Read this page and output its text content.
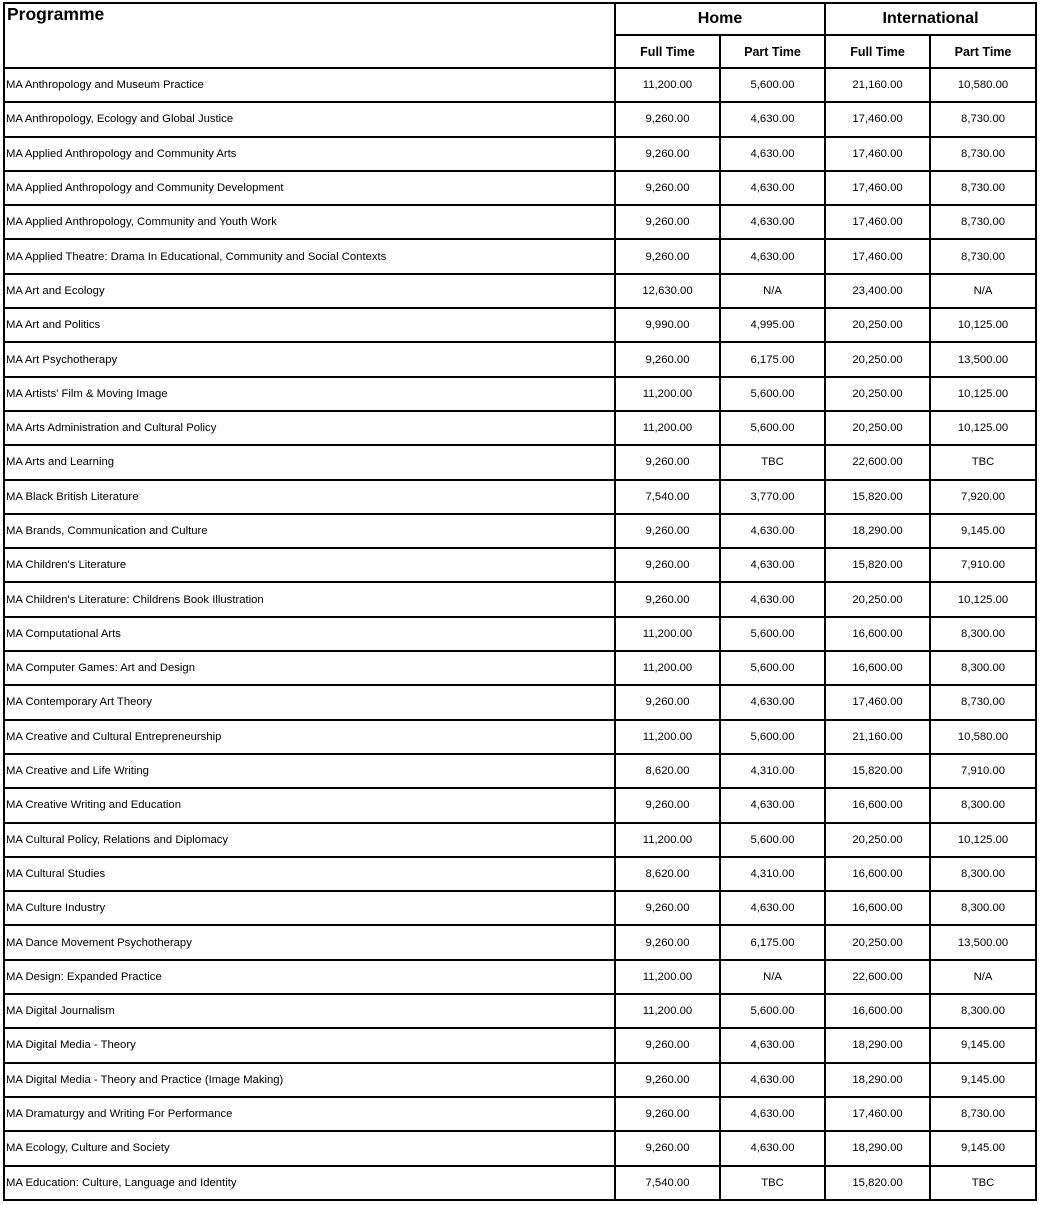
Programme	Home		International	
	Full Time	Part Time	Full Time	Part Time
MA Anthropology and Museum Practice	11,200.00	5,600.00	21,160.00	10,580.00
MA Anthropology, Ecology and Global Justice	9,260.00	4,630.00	17,460.00	8,730.00
MA Applied Anthropology and Community Arts	9,260.00	4,630.00	17,460.00	8,730.00
MA Applied Anthropology and Community Development	9,260.00	4,630.00	17,460.00	8,730.00
MA Applied Anthropology, Community and Youth Work	9,260.00	4,630.00	17,460.00	8,730.00
MA Applied Theatre: Drama In Educational, Community and Social Contexts	9,260.00	4,630.00	17,460.00	8,730.00
MA Art and Ecology	12,630.00	N/A	23,400.00	N/A
MA Art and Politics	9,990.00	4,995.00	20,250.00	10,125.00
MA Art Psychotherapy	9,260.00	6,175.00	20,250.00	13,500.00
MA Artists' Film & Moving Image	11,200.00	5,600.00	20,250.00	10,125.00
MA Arts Administration and Cultural Policy	11,200.00	5,600.00	20,250.00	10,125.00
MA Arts and Learning	9,260.00	TBC	22,600.00	TBC
MA Black British Literature	7,540.00	3,770.00	15,820.00	7,920.00
MA Brands, Communication and Culture	9,260.00	4,630.00	18,290.00	9,145.00
MA Children's Literature	9,260.00	4,630.00	15,820.00	7,910.00
MA Children's Literature: Childrens Book Illustration	9,260.00	4,630.00	20,250.00	10,125.00
MA Computational Arts	11,200.00	5,600.00	16,600.00	8,300.00
MA Computer Games: Art and Design	11,200.00	5,600.00	16,600.00	8,300.00
MA Contemporary Art Theory	9,260.00	4,630.00	17,460.00	8,730.00
MA Creative and Cultural Entrepreneurship	11,200.00	5,600.00	21,160.00	10,580.00
MA Creative and Life Writing	8,620.00	4,310.00	15,820.00	7,910.00
MA Creative Writing and Education	9,260.00	4,630.00	16,600.00	8,300.00
MA Cultural Policy, Relations and Diplomacy	11,200.00	5,600.00	20,250.00	10,125.00
MA Cultural Studies	8,620.00	4,310.00	16,600.00	8,300.00
MA Culture Industry	9,260.00	4,630.00	16,600.00	8,300.00
MA Dance Movement Psychotherapy	9,260.00	6,175.00	20,250.00	13,500.00
MA Design: Expanded Practice	11,200.00	N/A	22,600.00	N/A
MA Digital Journalism	11,200.00	5,600.00	16,600.00	8,300.00
MA Digital Media - Theory	9,260.00	4,630.00	18,290.00	9,145.00
MA Digital Media - Theory and Practice (Image Making)	9,260.00	4,630.00	18,290.00	9,145.00
MA Dramaturgy and Writing For Performance	9,260.00	4,630.00	17,460.00	8,730.00
MA Ecology, Culture and Society	9,260.00	4,630.00	18,290.00	9,145.00
MA Education: Culture, Language and Identity	7,540.00	TBC	15,820.00	TBC
